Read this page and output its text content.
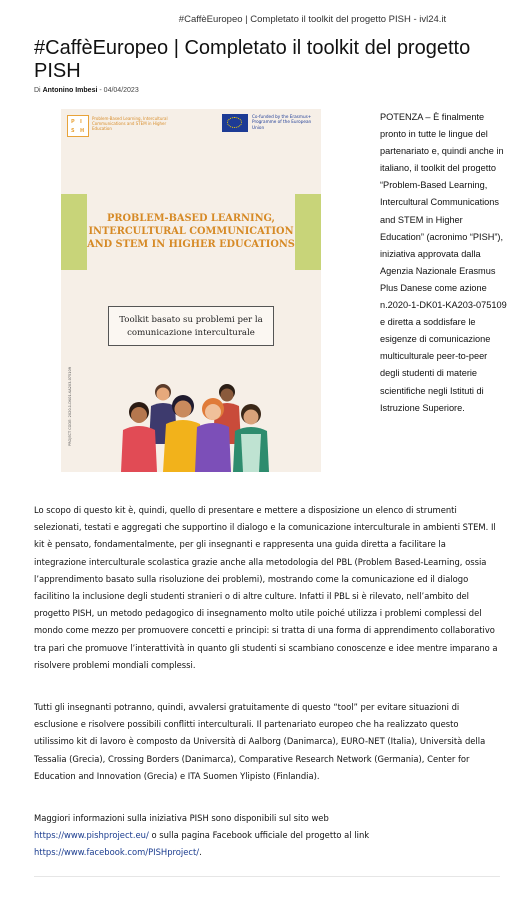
#CaffèEuropeo | Completato il toolkit del progetto PISH - ivl24.it
#CaffèEuropeo | Completato il toolkit del progetto PISH
Di Antonino Imbesi - 04/04/2023
P I
S H
Problem-Based Learning, Intercultural Communications and STEM in Higher Education
Co-funded by the Erasmus+ Programme of the European Union
PROBLEM-BASED LEARNING, INTERCULTURAL COMMUNICATION AND STEM IN HIGHER EDUCATIONS
Toolkit basato su problemi per la comunicazione interculturale
PROJECT CODE: 2020-1-DK01-KA203-075109
POTENZA – È finalmente pronto in tutte le lingue del partenariato e, quindi anche in italiano, il toolkit del progetto “Problem-Based Learning, Intercultural Communications and STEM in Higher Education” (acronimo “PISH”), iniziativa approvata dalla Agenzia Nazionale Erasmus Plus Danese come azione n.2020-1-DK01-KA203-075109 e diretta a soddisfare le esigenze di comunicazione multiculturale peer-to-peer degli studenti di materie scientifiche negli Istituti di Istruzione Superiore.

Lo scopo di questo kit è, quindi, quello di presentare e mettere a disposizione un elenco di strumenti selezionati, testati e aggregati che supportino il dialogo e la comunicazione interculturale in ambienti STEM. Il kit è pensato, fondamentalmente, per gli insegnanti e rappresenta una guida diretta a facilitare la integrazione interculturale scolastica grazie anche alla metodologia del PBL (Problem Based-Learning, ossia l’apprendimento basato sulla risoluzione dei problemi), mostrando come la comunicazione ed il dialogo facilitino la inclusione degli studenti stranieri o di altre culture. Infatti il PBL si è rilevato, nell’ambito del progetto PISH, un metodo pedagogico di insegnamento molto utile poiché utilizza i problemi complessi del mondo come mezzo per promuovere concetti e principi: si tratta di una forma di apprendimento collaborativo tra pari che promuove l’interattività in quanto gli studenti si scambiano conoscenze e idee mentre imparano a risolvere problemi mondiali complessi.

Tutti gli insegnanti potranno, quindi, avvalersi gratuitamente di questo “tool” per evitare situazioni di esclusione e risolvere possibili conflitti interculturali. Il partenariato europeo che ha realizzato questo utilissimo kit di lavoro è composto da Università di Aalborg (Danimarca), EURO-NET (Italia), Università della Tessalia (Grecia), Crossing Borders (Danimarca), Comparative Research Network (Germania), Center for Education and Innovation (Grecia) e ITA Suomen Ylipisto (Finlandia).

Maggiori informazioni sulla iniziativa PISH sono disponibili sul sito web
https://www.pishproject.eu/ o sulla pagina Facebook ufficiale del progetto al link
https://www.facebook.com/PISHproject/.
